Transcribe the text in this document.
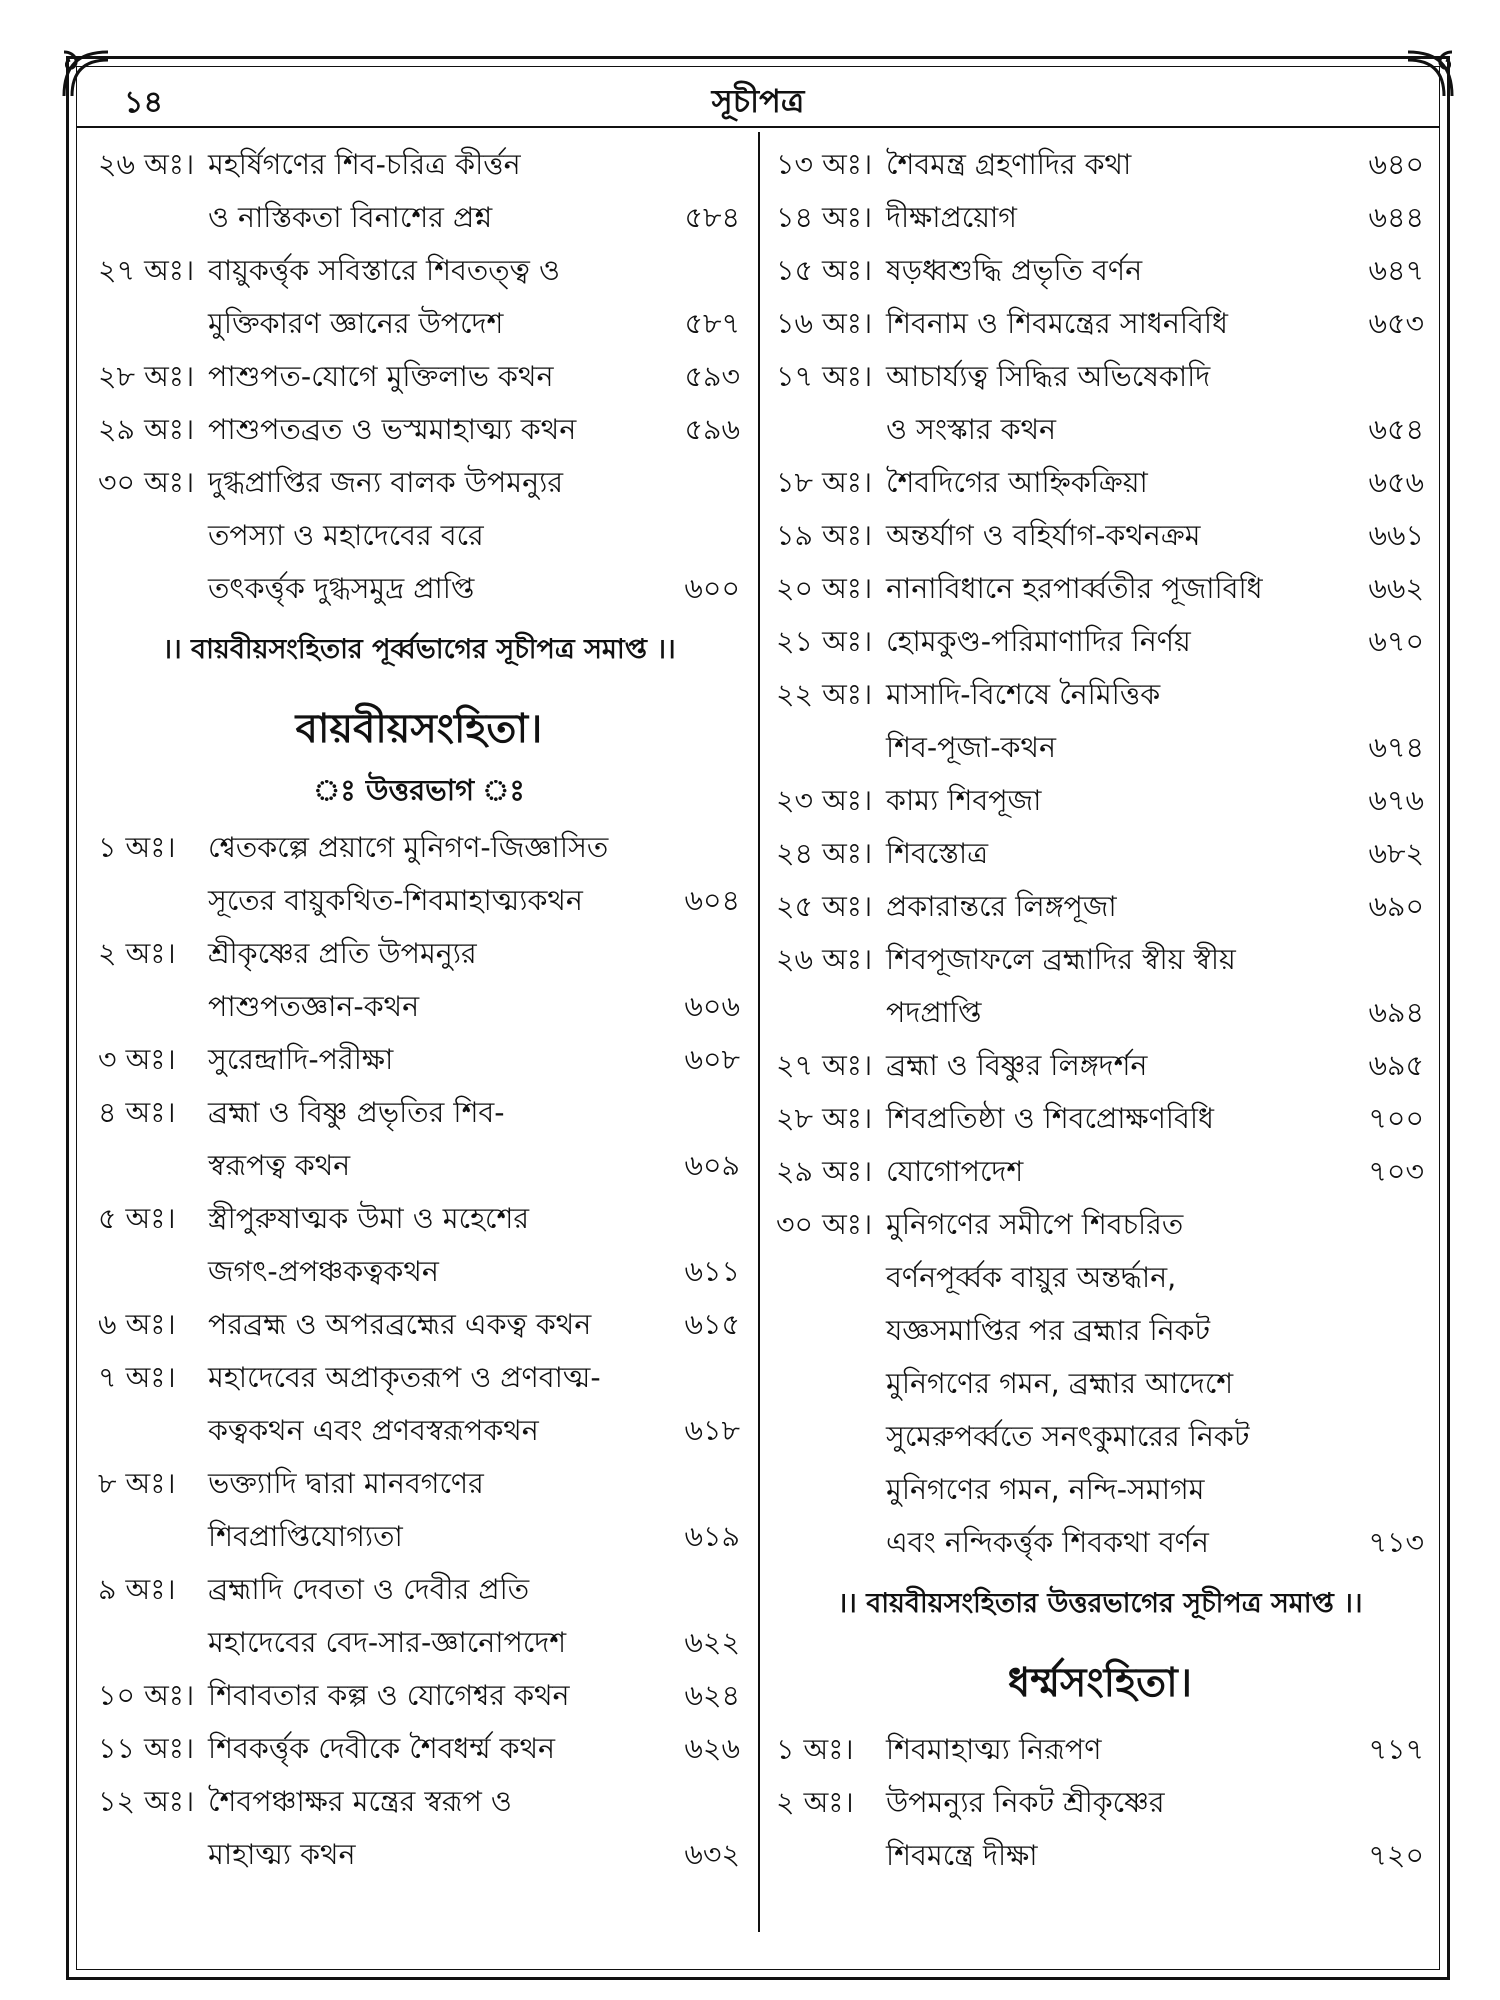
১৪	সূচীপত্র
২৬ অঃ। মহর্ষিগণের শিব-চরিত্র কীর্ত্তন
ও নাস্তিকতা বিনাশের প্রশ্ন	৫৮৪
২৭ অঃ। বায়ুকর্ত্তৃক সবিস্তারে শিবতত্ত্ব ও
মুক্তিকারণ জ্ঞানের উপদেশ	৫৮৭
২৮ অঃ। পাশুপত-যোগে মুক্তিলাভ কথন	৫৯৩
২৯ অঃ। পাশুপতব্রত ও ভস্মমাহাত্ম্য কথন	৫৯৬
৩০ অঃ। দুগ্ধপ্রাপ্তির জন্য বালক উপমন্যুর
তপস্যা ও মহাদেবের বরে
তৎকর্ত্তৃক দুগ্ধসমুদ্র প্রাপ্তি	৬০০
।। বায়বীয়সংহিতার পূর্ব্বভাগের সূচীপত্র সমাপ্ত ।।
বায়বীয়সংহিতা।
ঃ উত্তরভাগ ঃ
১ অঃ। শ্বেতকল্পে প্রয়াগে মুনিগণ-জিজ্ঞাসিত
সূতের বায়ুকথিত-শিবমাহাত্ম্যকথন	৬০৪
২ অঃ। শ্রীকৃষ্ণের প্রতি উপমন্যুর
পাশুপতজ্ঞান-কথন	৬০৬
৩ অঃ। সুরেন্দ্রাদি-পরীক্ষা	৬০৮
৪ অঃ। ব্রহ্মা ও বিষ্ণু প্রভৃতির শিব-
স্বরূপত্ব কথন	৬০৯
৫ অঃ। স্ত্রীপুরুষাত্মক উমা ও মহেশের
জগৎ-প্রপঞ্চকত্বকথন	৬১১
৬ অঃ। পরব্রহ্ম ও অপরব্রহ্মের একত্ব কথন	৬১৫
৭ অঃ। মহাদেবের অপ্রাকৃতরূপ ও প্রণবাত্ম-
কত্বকথন এবং প্রণবস্বরূপকথন	৬১৮
৮ অঃ। ভক্ত্যাদি দ্বারা মানবগণের
শিবপ্রাপ্তিযোগ্যতা	৬১৯
৯ অঃ। ব্রহ্মাদি দেবতা ও দেবীর প্রতি
মহাদেবের বেদ-সার-জ্ঞানোপদেশ	৬২২
১০ অঃ। শিবাবতার কল্প ও যোগেশ্বর কথন	৬২৪
১১ অঃ। শিবকর্ত্তৃক দেবীকে শৈবধর্ম্ম কথন	৬২৬
১২ অঃ। শৈবপঞ্চাক্ষর মন্ত্রের স্বরূপ ও
মাহাত্ম্য কথন	৬৩২
১৩ অঃ। শৈবমন্ত্র গ্রহণাদির কথা	৬৪০
১৪ অঃ। দীক্ষাপ্রয়োগ	৬৪৪
১৫ অঃ। ষড়ধ্বশুদ্ধি প্রভৃতি বর্ণন	৬৪৭
১৬ অঃ। শিবনাম ও শিবমন্ত্রের সাধনবিধি	৬৫৩
১৭ অঃ। আচার্য্যত্ব সিদ্ধির অভিষেকাদি
ও সংস্কার কথন	৬৫৪
১৮ অঃ। শৈবদিগের আহ্নিকক্রিয়া	৬৫৬
১৯ অঃ। অন্তর্যাগ ও বহির্যাগ-কথনক্রম	৬৬১
২০ অঃ। নানাবিধানে হরপার্ব্বতীর পূজাবিধি	৬৬২
২১ অঃ। হোমকুণ্ড-পরিমাণাদির নির্ণয়	৬৭০
২২ অঃ। মাসাদি-বিশেষে নৈমিত্তিক
শিব-পূজা-কথন	৬৭৪
২৩ অঃ। কাম্য শিবপূজা	৬৭৬
২৪ অঃ। শিবস্তোত্র	৬৮২
২৫ অঃ। প্রকারান্তরে লিঙ্গপূজা	৬৯০
২৬ অঃ। শিবপূজাফলে ব্রহ্মাদির স্বীয় স্বীয়
পদপ্রাপ্তি	৬৯৪
২৭ অঃ। ব্রহ্মা ও বিষ্ণুর লিঙ্গদর্শন	৬৯৫
২৮ অঃ। শিবপ্রতিষ্ঠা ও শিবপ্রোক্ষণবিধি	৭০০
২৯ অঃ। যোগোপদেশ	৭০৩
৩০ অঃ। মুনিগণের সমীপে শিবচরিত
বর্ণনপূর্ব্বক বায়ুর অন্তর্দ্ধান,
যজ্ঞসমাপ্তির পর ব্রহ্মার নিকট
মুনিগণের গমন, ব্রহ্মার আদেশে
সুমেরুপর্ব্বতে সনৎকুমারের নিকট
মুনিগণের গমন, নন্দি-সমাগম
এবং নন্দিকর্ত্তৃক শিবকথা বর্ণন	৭১৩
।। বায়বীয়সংহিতার উত্তরভাগের সূচীপত্র সমাপ্ত ।।
ধর্ম্মসংহিতা।
১ অঃ। শিবমাহাত্ম্য নিরূপণ	৭১৭
২ অঃ। উপমন্যুর নিকট শ্রীকৃষ্ণের
শিবমন্ত্রে দীক্ষা	৭২০
